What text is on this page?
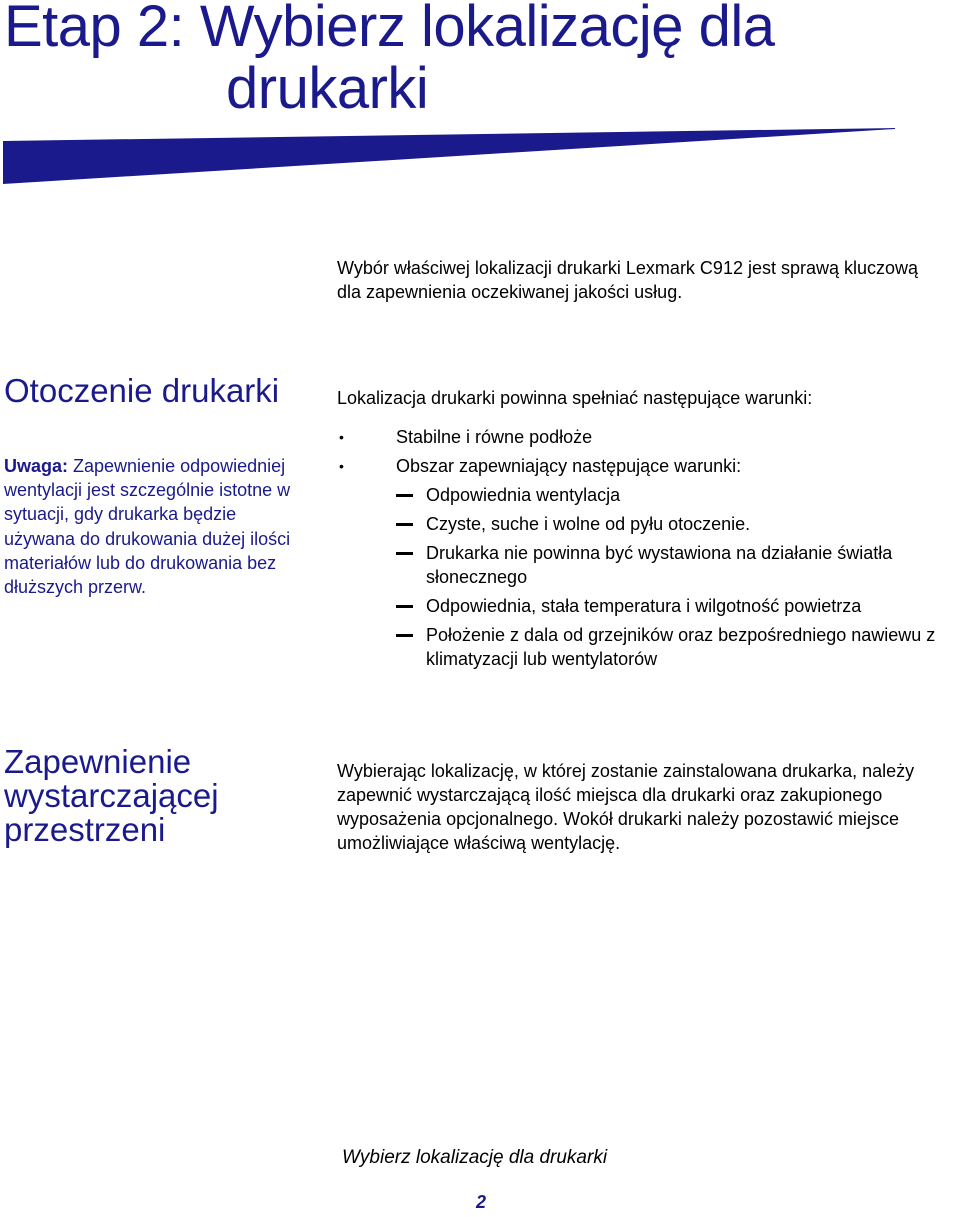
Etap 2: Wybierz lokalizację dla

drukarki

Wybór właściwej lokalizacji drukarki Lexmark C912 jest sprawą kluczową dla zapewnienia oczekiwanej jakości usług.

Otoczenie drukarki

Uwaga: Zapewnienie odpowiedniej wentylacji jest szczególnie istotne w sytuacji, gdy drukarka będzie używana do drukowania dużej ilości materiałów lub do drukowania bez dłuższych przerw.

Lokalizacja drukarki powinna spełniać następujące warunki:

•	Stabilne i równe podłoże
•	Obszar zapewniający następujące warunki:
Odpowiednia wentylacja
Czyste, suche i wolne od pyłu otoczenie.
Drukarka nie powinna być wystawiona na działanie światła słonecznego
Odpowiednia, stała temperatura i wilgotność powietrza
Położenie z dala od grzejników oraz bezpośredniego nawiewu z klimatyzacji lub wentylatorów
Zapewnienie wystarczającej przestrzeni

Wybierając lokalizację, w której zostanie zainstalowana drukarka, należy zapewnić wystarczającą ilość miejsca dla drukarki oraz zakupionego wyposażenia opcjonalnego. Wokół drukarki należy pozostawić miejsce umożliwiające właściwą wentylację.

Wybierz lokalizację dla drukarki

2
